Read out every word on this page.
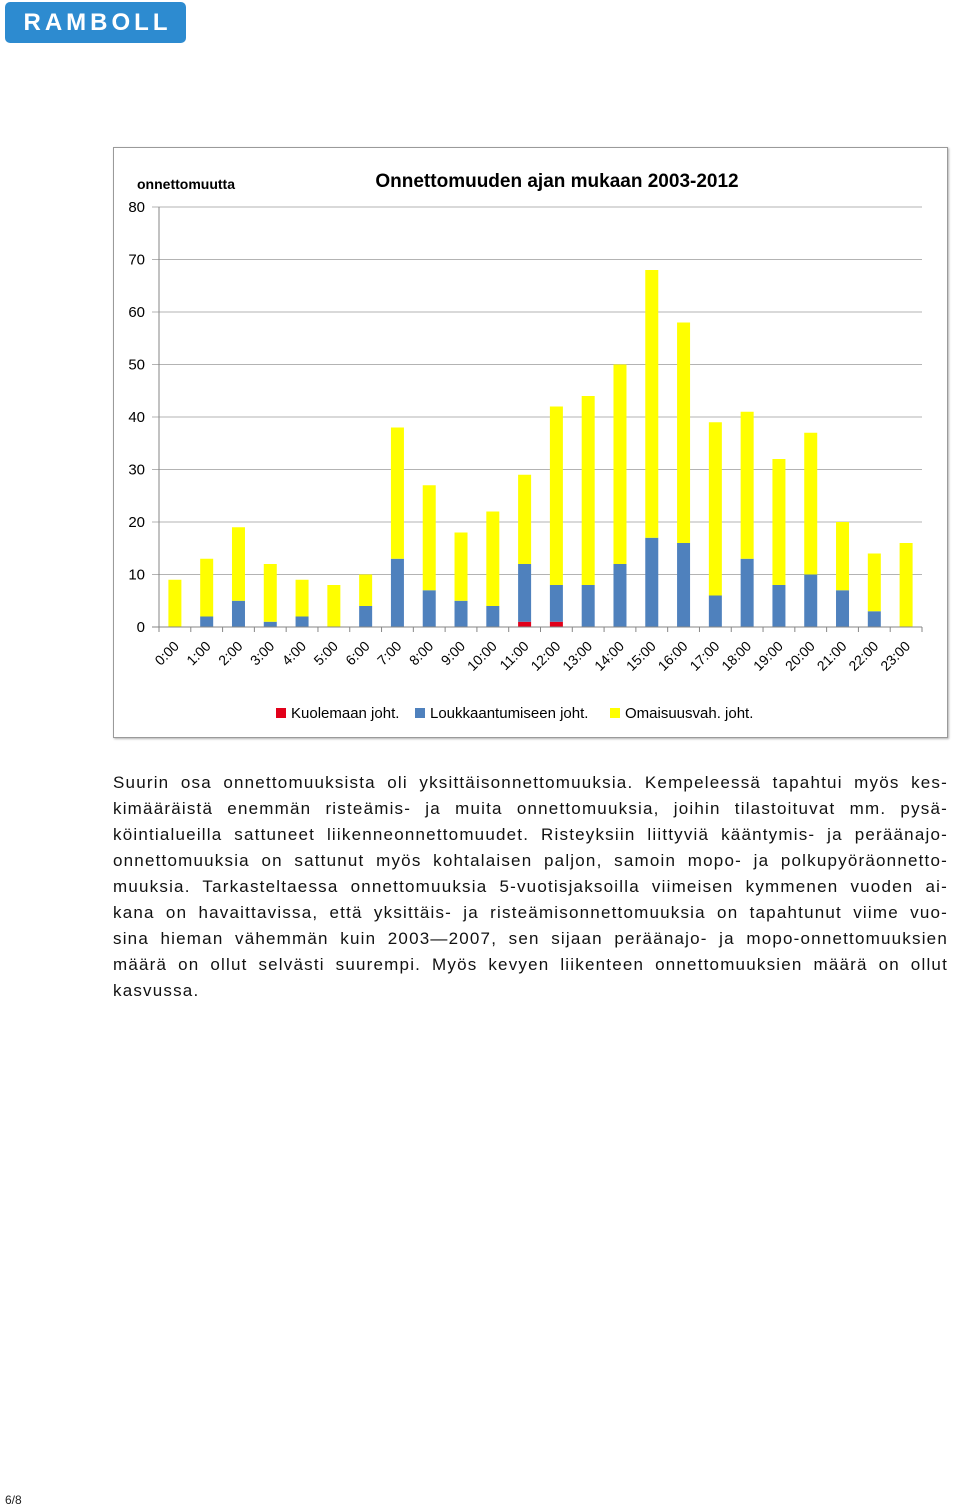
RAMBOLL
0
10
20
30
40
50
60
70
80
0:00 1:00 2:00 3:00 4:00 5:00 6:00 7:00 8:00 9:00
10:00
11:00
12:00
13:00
14:00
15:00
16:00
17:00
18:00
19:00
20:00
21:00
22:00
23:00
Onnettomuuden ajan mukaan 2003-2012
onnettomuutta
Kuolemaan joht. Loukkaantumiseen joht. Omaisuusvah. joht.
Suurin osa onnettomuuksista oli yksittäisonnettomuuksia. Kempeleessä tapahtui myös kes-
kimääräistä enemmän risteämis- ja muita onnettomuuksia, joihin tilastoituvat mm. pysä-
köintialueilla sattuneet liikenneonnettomuudet. Risteyksiin liittyviä kääntymis- ja peräänajo-
onnettomuuksia on sattunut myös kohtalaisen paljon, samoin mopo- ja polkupyöräonnetto-
muuksia. Tarkasteltaessa onnettomuuksia 5-vuotisjaksoilla viimeisen kymmenen vuoden ai-
kana on havaittavissa, että yksittäis- ja risteämisonnettomuuksia on tapahtunut viime vuo-
sina hieman vähemmän kuin 2003—2007, sen sijaan peräänajo- ja mopo-onnettomuuksien
määrä on ollut selvästi suurempi. Myös kevyen liikenteen onnettomuuksien määrä on ollut
kasvussa.
6/8
